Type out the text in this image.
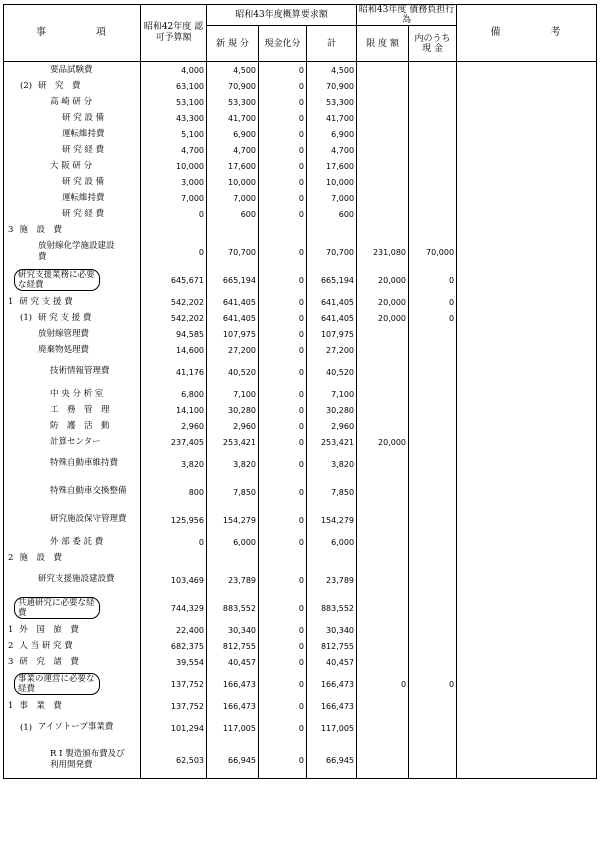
事　　　　項	昭和42年度 認可予算額	昭和43年度概算要求額			昭和43年度 債務負担行為		備　　　　考
		新 規 分	現金化分	計	限 度 額	内のうち 現 金	
要品試験費	4,000	4,500	0	4,500			
(2) 研　究　費	63,100	70,900	0	70,900			
高 崎 研 分	53,100	53,300	0	53,300			
研 究 設 備	43,300	41,700	0	41,700			
運転維持費	5,100	6,900	0	6,900			
研 究 経 費	4,700	4,700	0	4,700			
大 阪 研 分	10,000	17,600	0	17,600			
研 究 設 備	3,000	10,000	0	10,000			
運転維持費	7,000	7,000	0	7,000			
研 究 経 費	0	600	0	600			
3 施　設　費							
放射線化学施設建設費	0	70,700	0	70,700	231,080	70,000	
研究支援業務に必要な経費	645,671	665,194	0	665,194	20,000	0	
1 研 究 支 援 費	542,202	641,405	0	641,405	20,000	0	
(1) 研 究 支 援 費	542,202	641,405	0	641,405	20,000	0	
放射線管理費	94,585	107,975	0	107,975			
廃棄物処理費	14,600	27,200	0	27,200			
技術情報管理費	41,176	40,520	0	40,520			
中 央 分 析 室	6,800	7,100	0	7,100			
工　務　管　理	14,100	30,280	0	30,280			
防　護　活　動	2,960	2,960	0	2,960			
計算センター	237,405	253,421	0	253,421	20,000		
特殊自動車維持費	3,820	3,820	0	3,820			
特殊自動車交換整備	800	7,850	0	7,850			
研究施設保守管理費	125,956	154,279	0	154,279			
外 部 委 託 費	0	6,000	0	6,000			
2 施　設　費							
研究支援施設建設費	103,469	23,789	0	23,789			
共通研究に必要な経費	744,329	883,552	0	883,552			
1 外　国　旅　費	22,400	30,340	0	30,340			
2 人 当 研 究 費	682,375	812,755	0	812,755			
3 研　究　諸　費	39,554	40,457	0	40,457			
事業の運営に必要な経費	137,752	166,473	0	166,473	0	0	
1 事　業　費	137,752	166,473	0	166,473			
(1) アイソトープ事業費	101,294	117,005	0	117,005			
R I 製造頒布費及び利用開発費	62,503	66,945	0	66,945			
